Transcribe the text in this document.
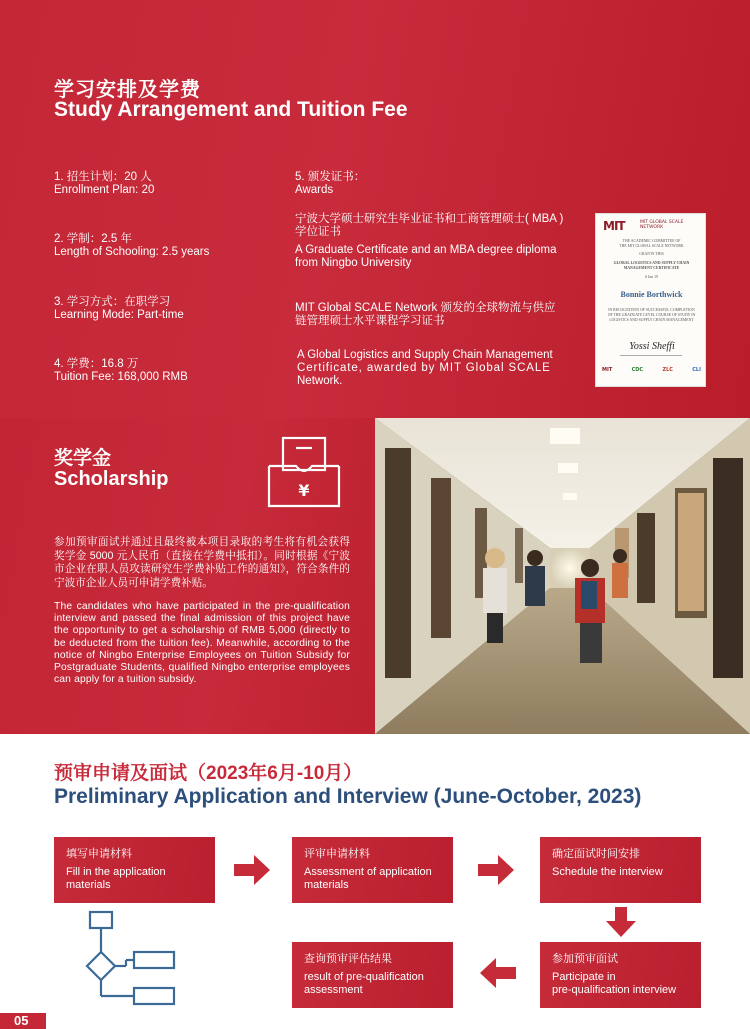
学习安排及学费
Study Arrangement and Tuition Fee
1. 招生计划：20 人
Enrollment Plan: 20
2. 学制：2.5 年
Length of Schooling: 2.5 years
3. 学习方式：在职学习
Learning Mode: Part-time
4. 学费：16.8 万
Tuition Fee: 168,000 RMB
5. 颁发证书：
Awards
宁波大学硕士研究生毕业证书和工商管理硕士( MBA )
学位证书
A Graduate Certificate and an MBA degree diploma
from Ningbo University
MIT Global SCALE Network 颁发的全球物流与供应
链管理硕士水平课程学习证书
A Global Logistics and Supply Chain Management
Certificate, awarded by MIT Global SCALE
Network.
MIT	MIT GLOBAL SCALE NETWORK
THE ACADEMIC COMMITTEE OF
THE MIT GLOBAL SCALE NETWORK
GRANTS THIS
GLOBAL LOGISTICS AND SUPPLY CHAIN
MANAGEMENT CERTIFICATE
6 Jun 19
Bonnie Borthwick
IN RECOGNITION OF SUCCESSFUL COMPLETION
OF THE GRADUATE LEVEL COURSE OF STUDY IN
LOGISTICS AND SUPPLY CHAIN MANAGEMENT
Yossi Sheffi
MIT	CDC	ZLC	CLI
奖学金
Scholarship
¥
参加预审面试并通过且最终被本项目录取的考生将有机会获得奖学金 5000 元人民币（直接在学费中抵扣）。同时根据《宁波市企业在职人员攻读研究生学费补贴工作的通知》，符合条件的宁波市企业人员可申请学费补贴。
The candidates who have participated in the pre-qualification interview and passed the final admission of this project have the opportunity to get a scholarship of RMB 5,000 (directly to be deducted from the tuition fee). Meanwhile, according to the notice of Ningbo Enterprise Employees on Tuition Subsidy for Postgraduate Students, qualified Ningbo enterprise employees can apply for a tuition subsidy.
预审申请及面试（2023年6月-10月）
Preliminary Application and Interview (June-October, 2023)
填写申请材料
Fill in the application
materials
评审申请材料
Assessment of application
materials
确定面试时间安排
Schedule the interview
参加预审面试
Participate in
pre-qualification interview
查询预审评估结果
result of pre-qualification
assessment
05
